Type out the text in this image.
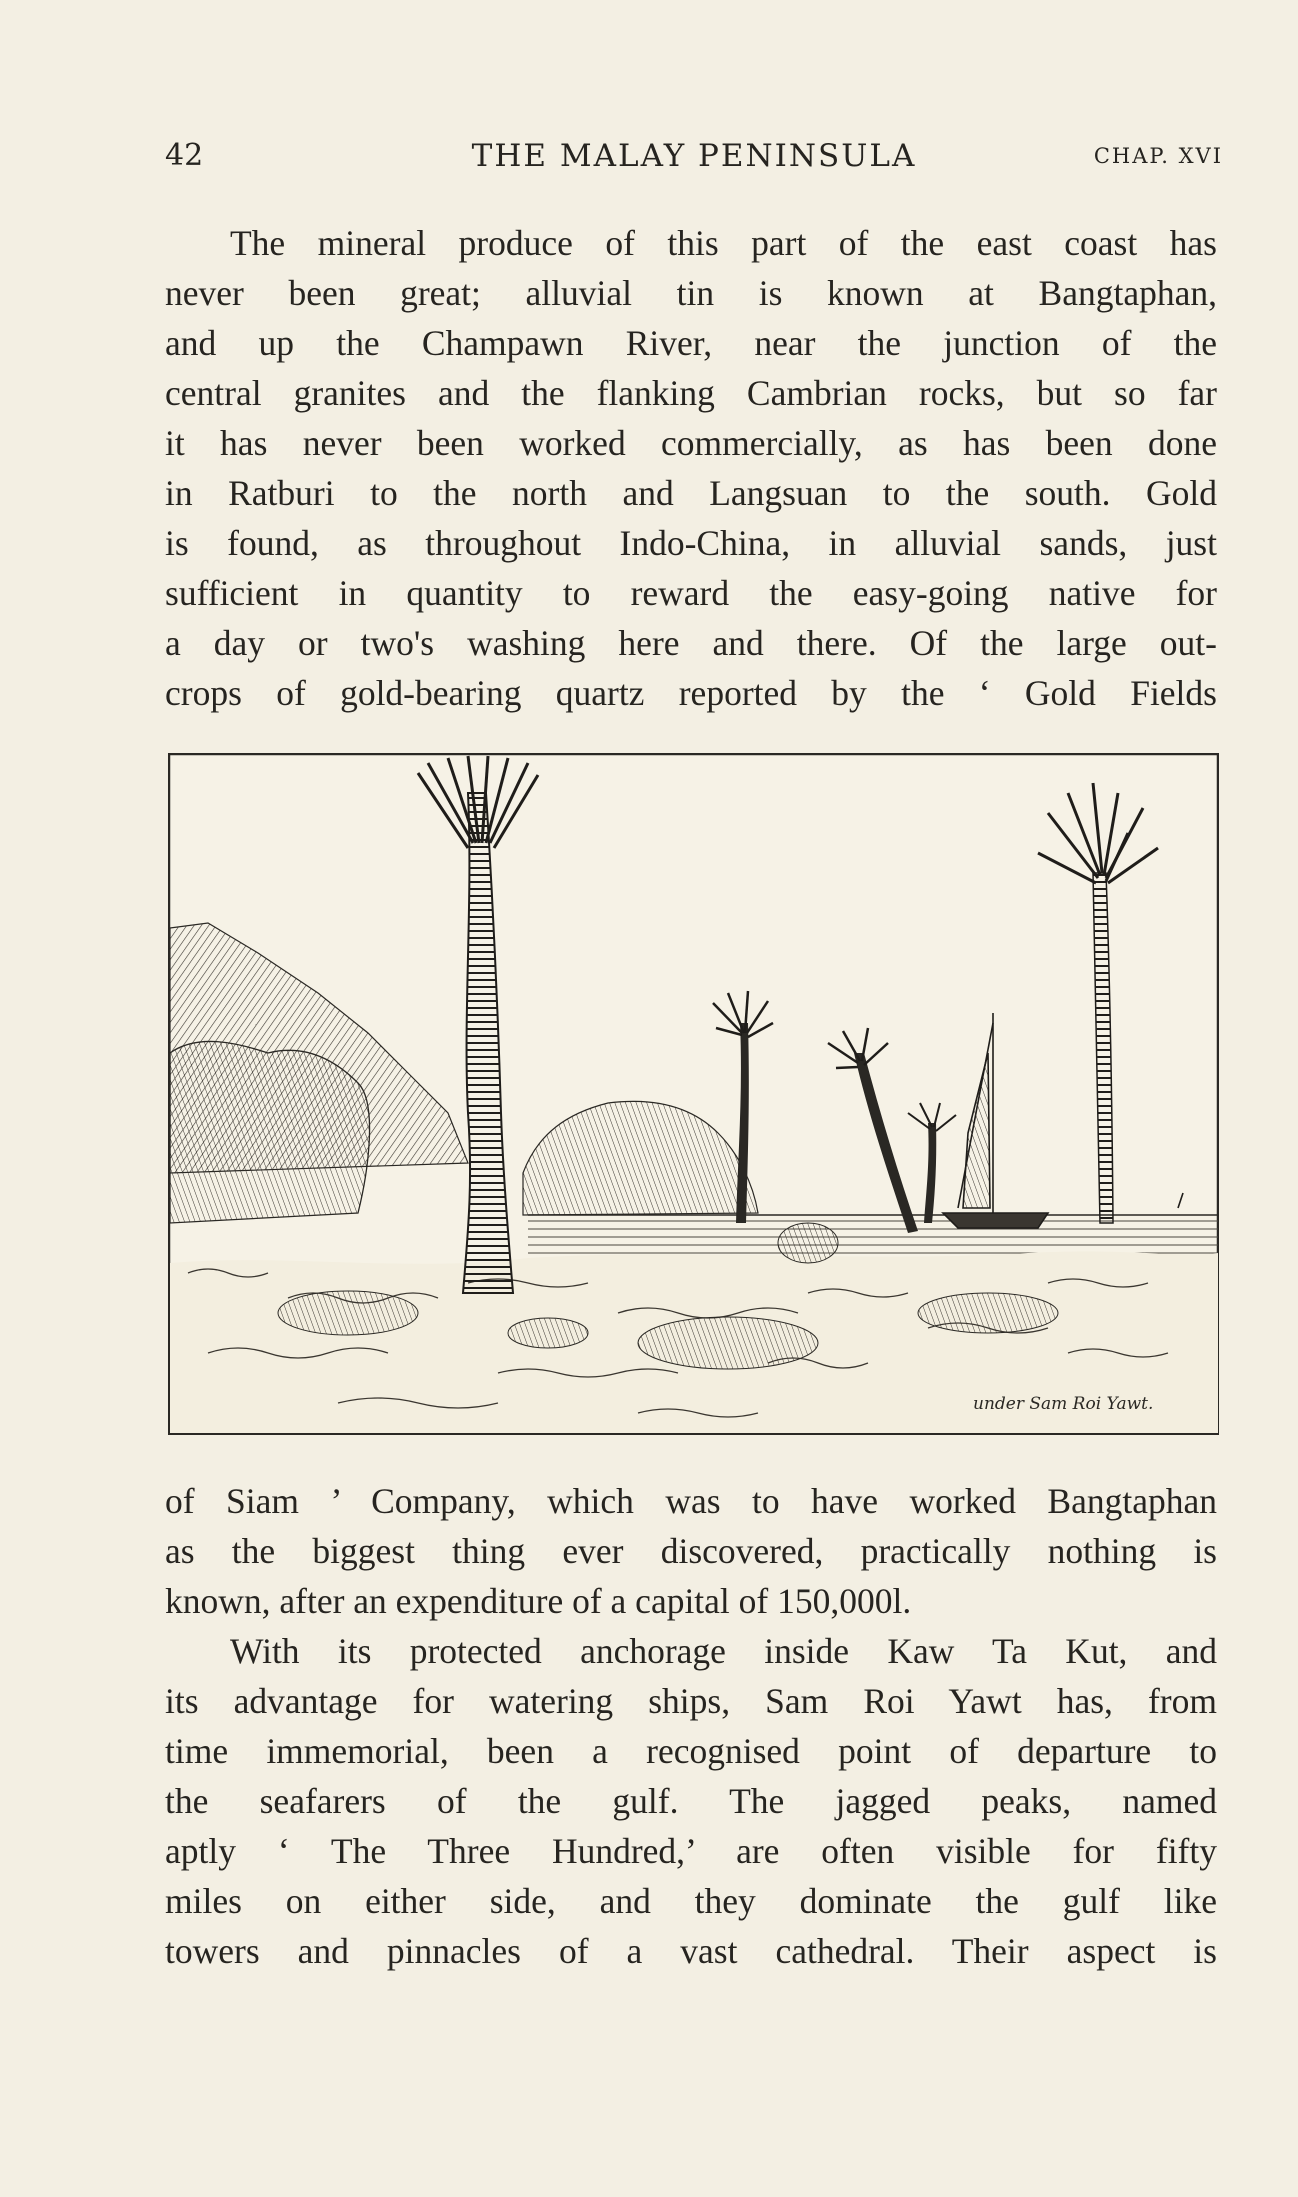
THE MALAY PENINSULA
42	CHAP. XVI
The mineral produce of this part of the east coast has
never been great; alluvial tin is known at Bangtaphan,
and up the Champawn River, near the junction of the
central granites and the flanking Cambrian rocks, but so far
it has never been worked commercially, as has been done
in Ratburi to the north and Langsuan to the south. Gold
is found, as throughout Indo-China, in alluvial sands, just
sufficient in quantity to reward the easy-going native for
a day or two's washing here and there. Of the large out-
crops of gold-bearing quartz reported by the ‘ Gold Fields
under Sam Roi Yawt.
of Siam ’ Company, which was to have worked Bangtaphan
as the biggest thing ever discovered, practically nothing is
known, after an expenditure of a capital of 150,000l.
With its protected anchorage inside Kaw Ta Kut, and
its advantage for watering ships, Sam Roi Yawt has, from
time immemorial, been a recognised point of departure to
the seafarers of the gulf. The jagged peaks, named
aptly ‘ The Three Hundred,’ are often visible for fifty
miles on either side, and they dominate the gulf like
towers and pinnacles of a vast cathedral. Their aspect is
